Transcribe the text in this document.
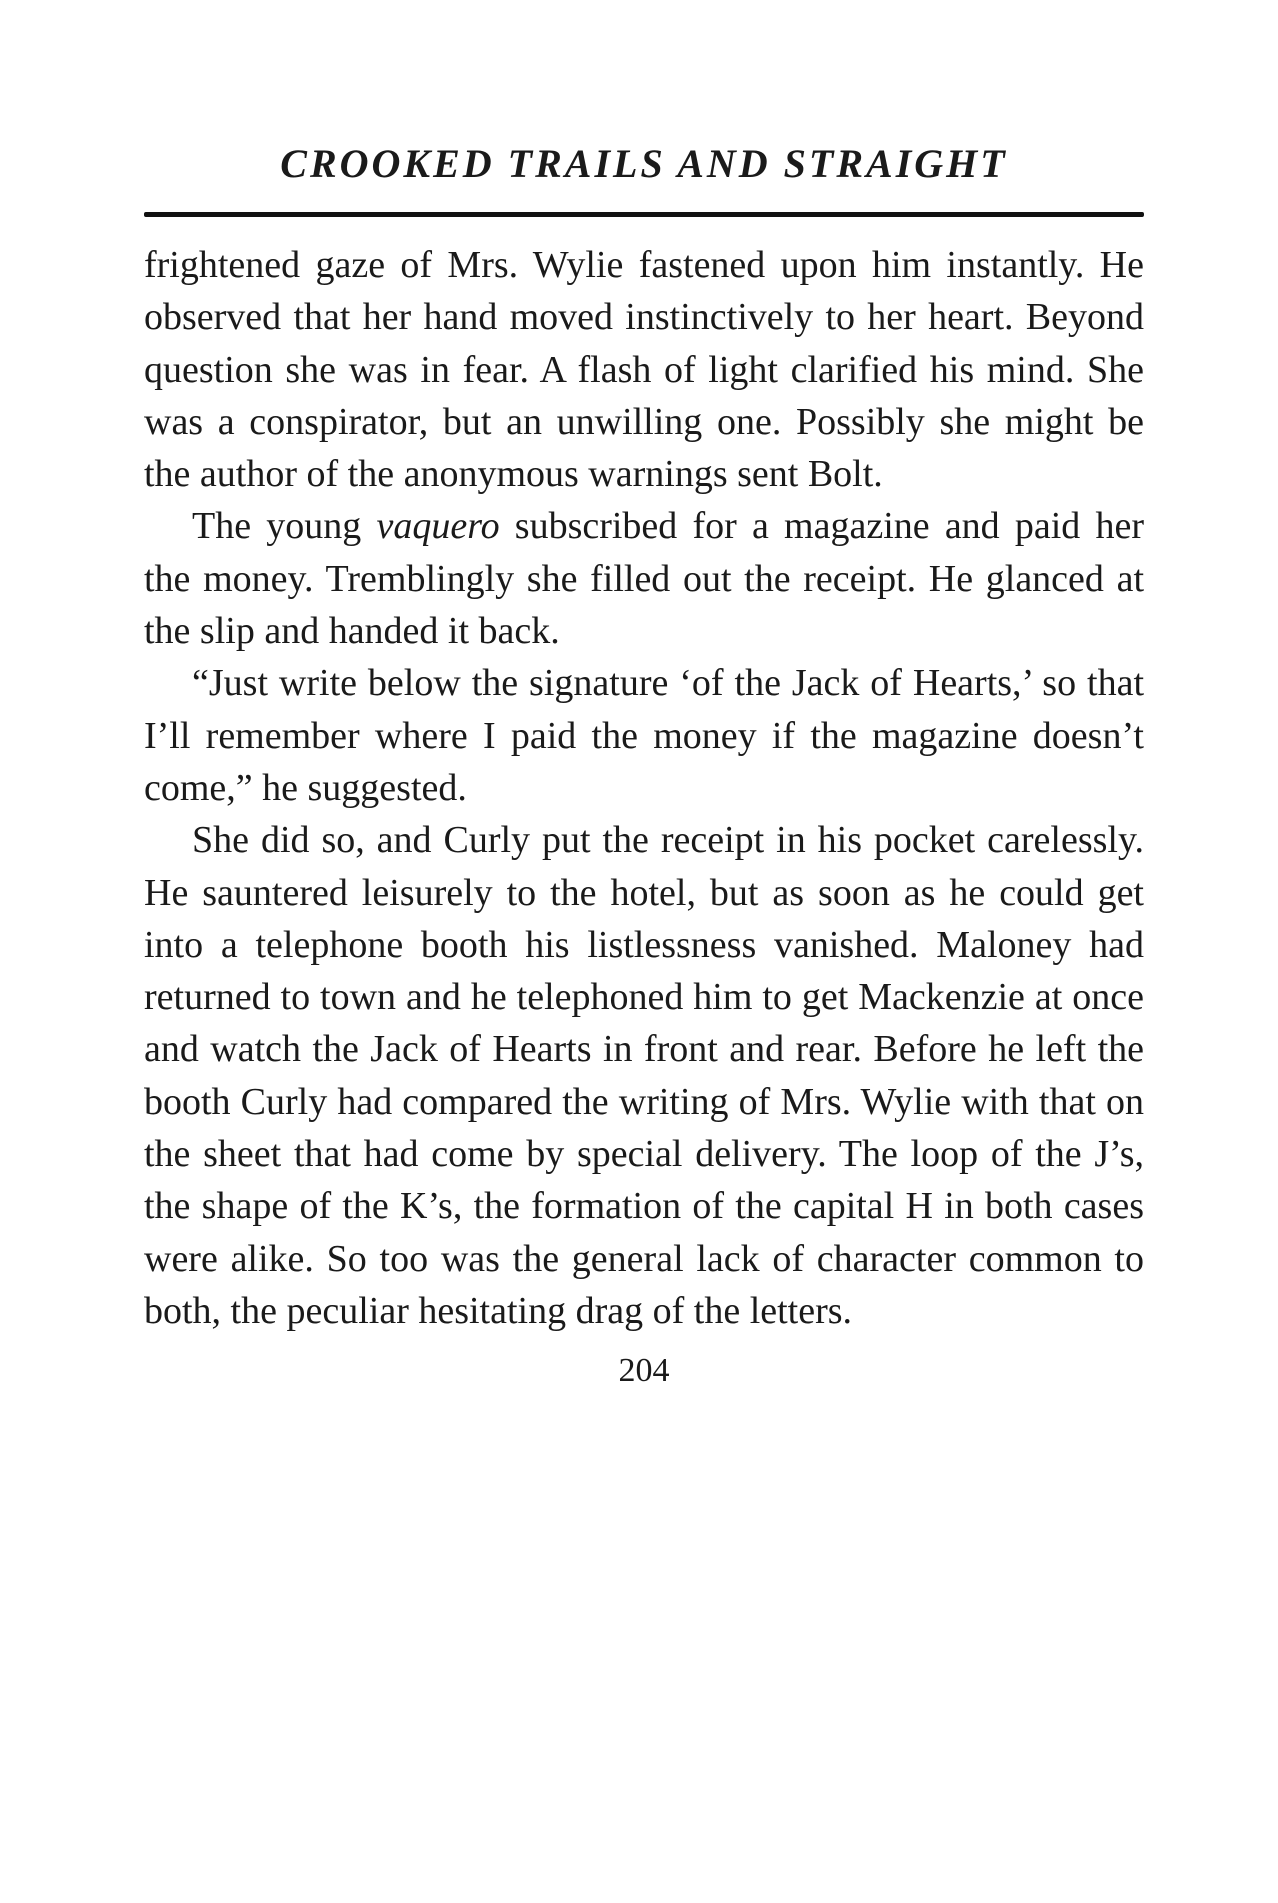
CROOKED TRAILS AND STRAIGHT

frightened gaze of Mrs. Wylie fastened upon him instantly. He observed that her hand moved instinctively to her heart. Beyond question she was in fear. A flash of light clarified his mind. She was a conspirator, but an unwilling one. Possibly she might be the author of the anonymous warnings sent Bolt.

The young vaquero subscribed for a magazine and paid her the money. Tremblingly she filled out the receipt. He glanced at the slip and handed it back.

“Just write below the signature ‘of the Jack of Hearts,’ so that I’ll remember where I paid the money if the magazine doesn’t come,” he suggested.

She did so, and Curly put the receipt in his pocket carelessly. He sauntered leisurely to the hotel, but as soon as he could get into a telephone booth his listlessness vanished. Maloney had returned to town and he telephoned him to get Mackenzie at once and watch the Jack of Hearts in front and rear. Before he left the booth Curly had compared the writing of Mrs. Wylie with that on the sheet that had come by special delivery. The loop of the J’s, the shape of the K’s, the formation of the capital H in both cases were alike. So too was the general lack of character common to both, the peculiar hesitating drag of the letters.

204
